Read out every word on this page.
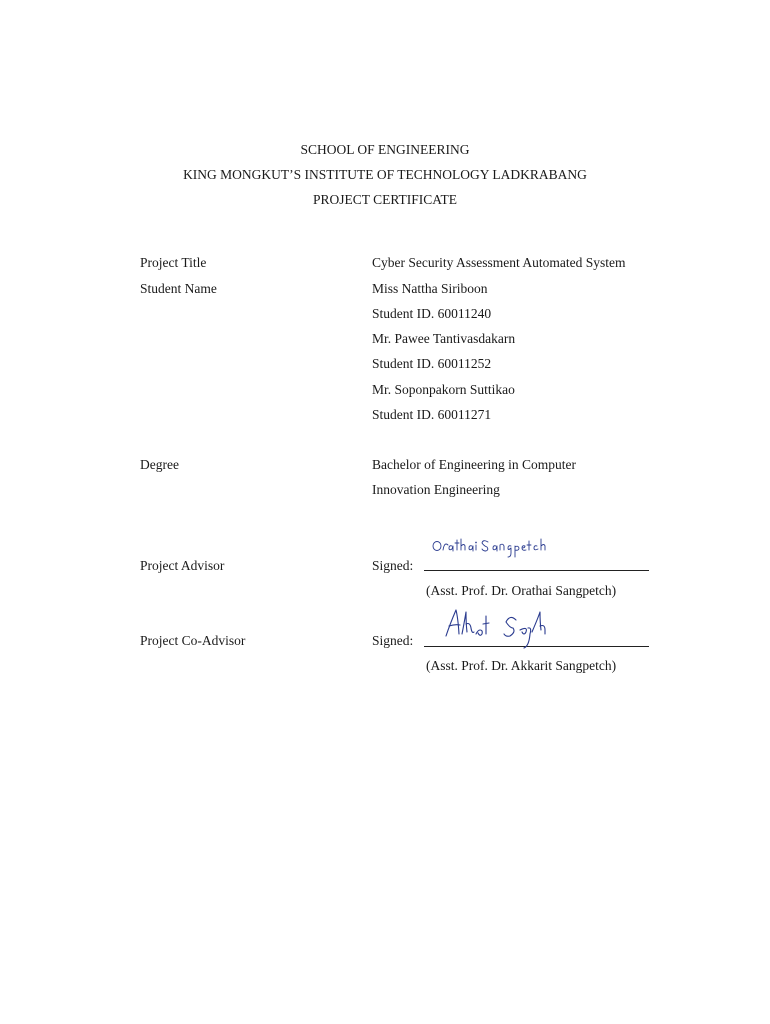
SCHOOL OF ENGINEERING
KING MONGKUT’S INSTITUTE OF TECHNOLOGY LADKRABANG
PROJECT CERTIFICATE
Project Title	Cyber Security Assessment Automated System
Student Name	Miss Nattha Siriboon
Student ID. 60011240
Mr. Pawee Tantivasdakarn
Student ID. 60011252
Mr. Soponpakorn Suttikao
Student ID. 60011271
Degree	Bachelor of Engineering in Computer
Innovation Engineering
Project Advisor	Signed:
(Asst. Prof. Dr. Orathai Sangpetch)
Project Co-Advisor	Signed:
(Asst. Prof. Dr. Akkarit Sangpetch)
